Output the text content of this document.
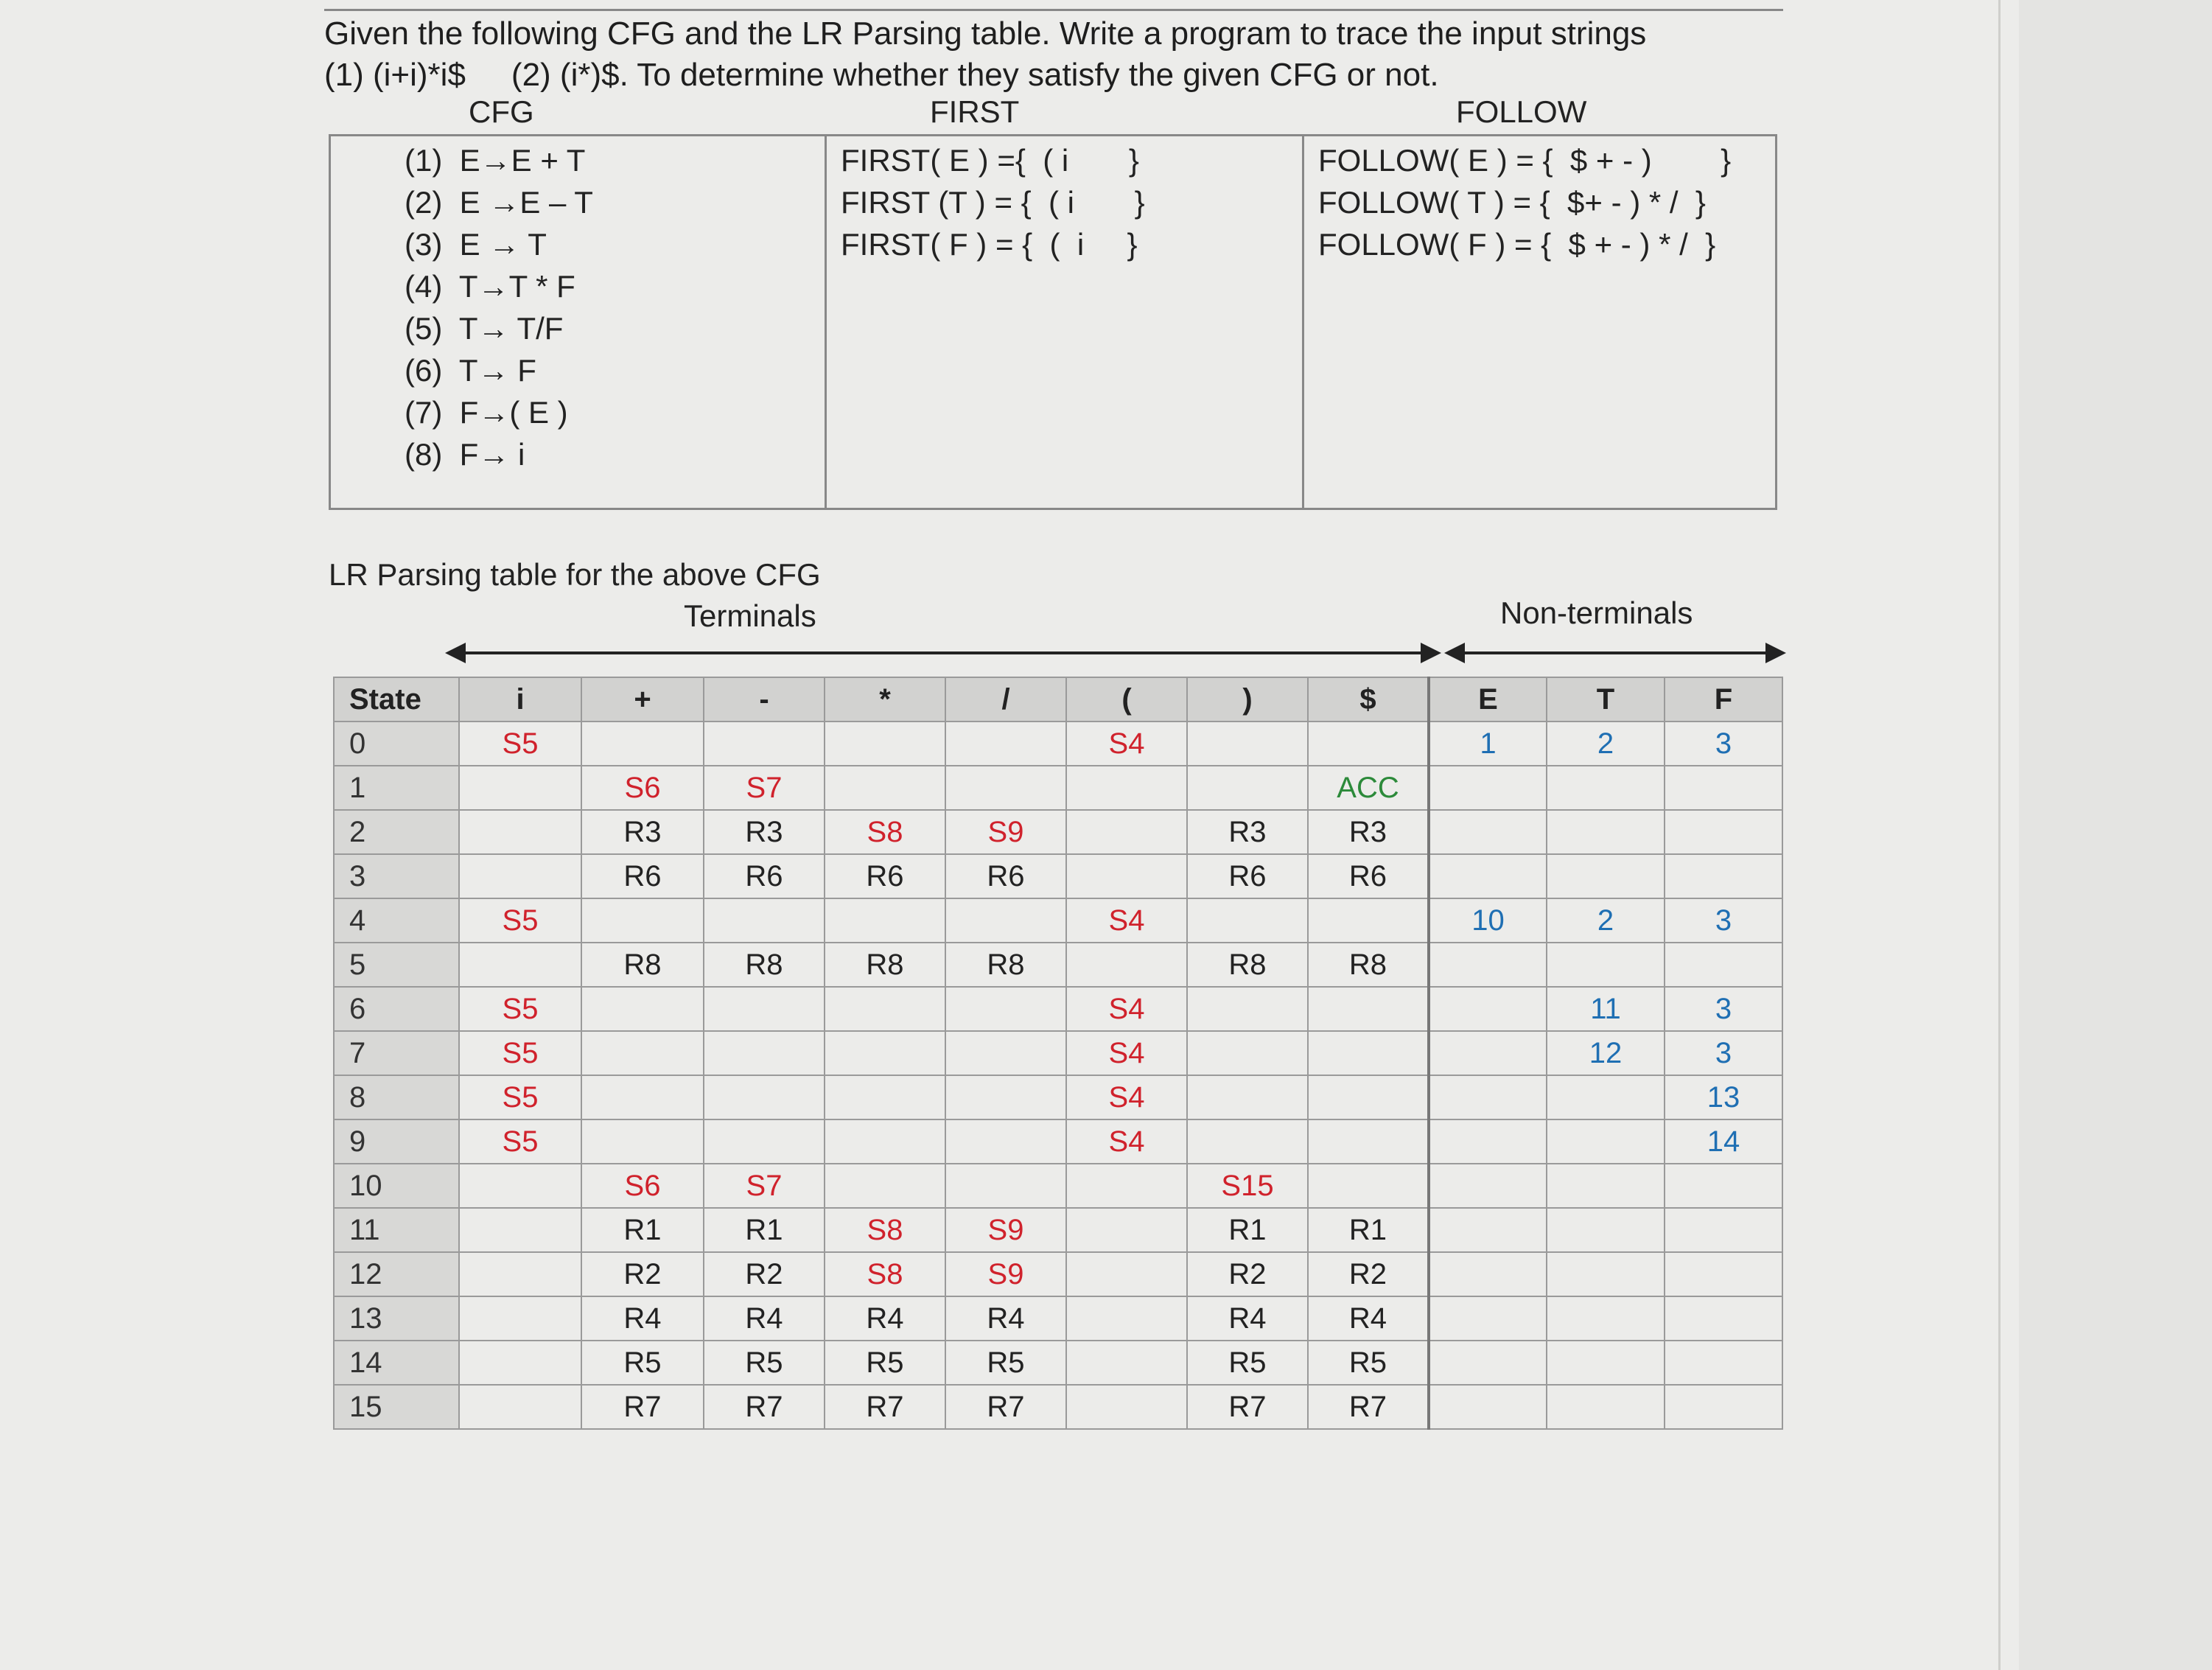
Given the following CFG and the LR Parsing table. Write a program to trace the input strings
(1) (i+i)*i$ (2) (i*)$. To determine whether they satisfy the given CFG or not.
CFG	FIRST	FOLLOW
(1)  E→E + T
(2)  E →E – T
(3)  E → T
(4)  T→T * F
(5)  T→ T/F
(6)  T→ F
(7)  F→( E )
(8)  F→ i
FIRST( E ) ={  ( i       }
FIRST (T ) = {  ( i       }
FIRST( F ) = {  (  i     }
FOLLOW( E ) = {  $ + - )        }
FOLLOW( T ) = {  $+ - ) * /  }
FOLLOW( F ) = {  $ + - ) * /  }
LR Parsing table for the above CFG
Terminals	Non-terminals
State	i	+	-	*	/	(	)	$	E	T	F
0	S5					S4			1	2	3
1		S6	S7					ACC			
2		R3	R3	S8	S9		R3	R3			
3		R6	R6	R6	R6		R6	R6			
4	S5					S4			10	2	3
5		R8	R8	R8	R8		R8	R8			
6	S5					S4				11	3
7	S5					S4				12	3
8	S5					S4					13
9	S5					S4					14
10		S6	S7				S15				
11		R1	R1	S8	S9		R1	R1			
12		R2	R2	S8	S9		R2	R2			
13		R4	R4	R4	R4		R4	R4			
14		R5	R5	R5	R5		R5	R5			
15		R7	R7	R7	R7		R7	R7			
